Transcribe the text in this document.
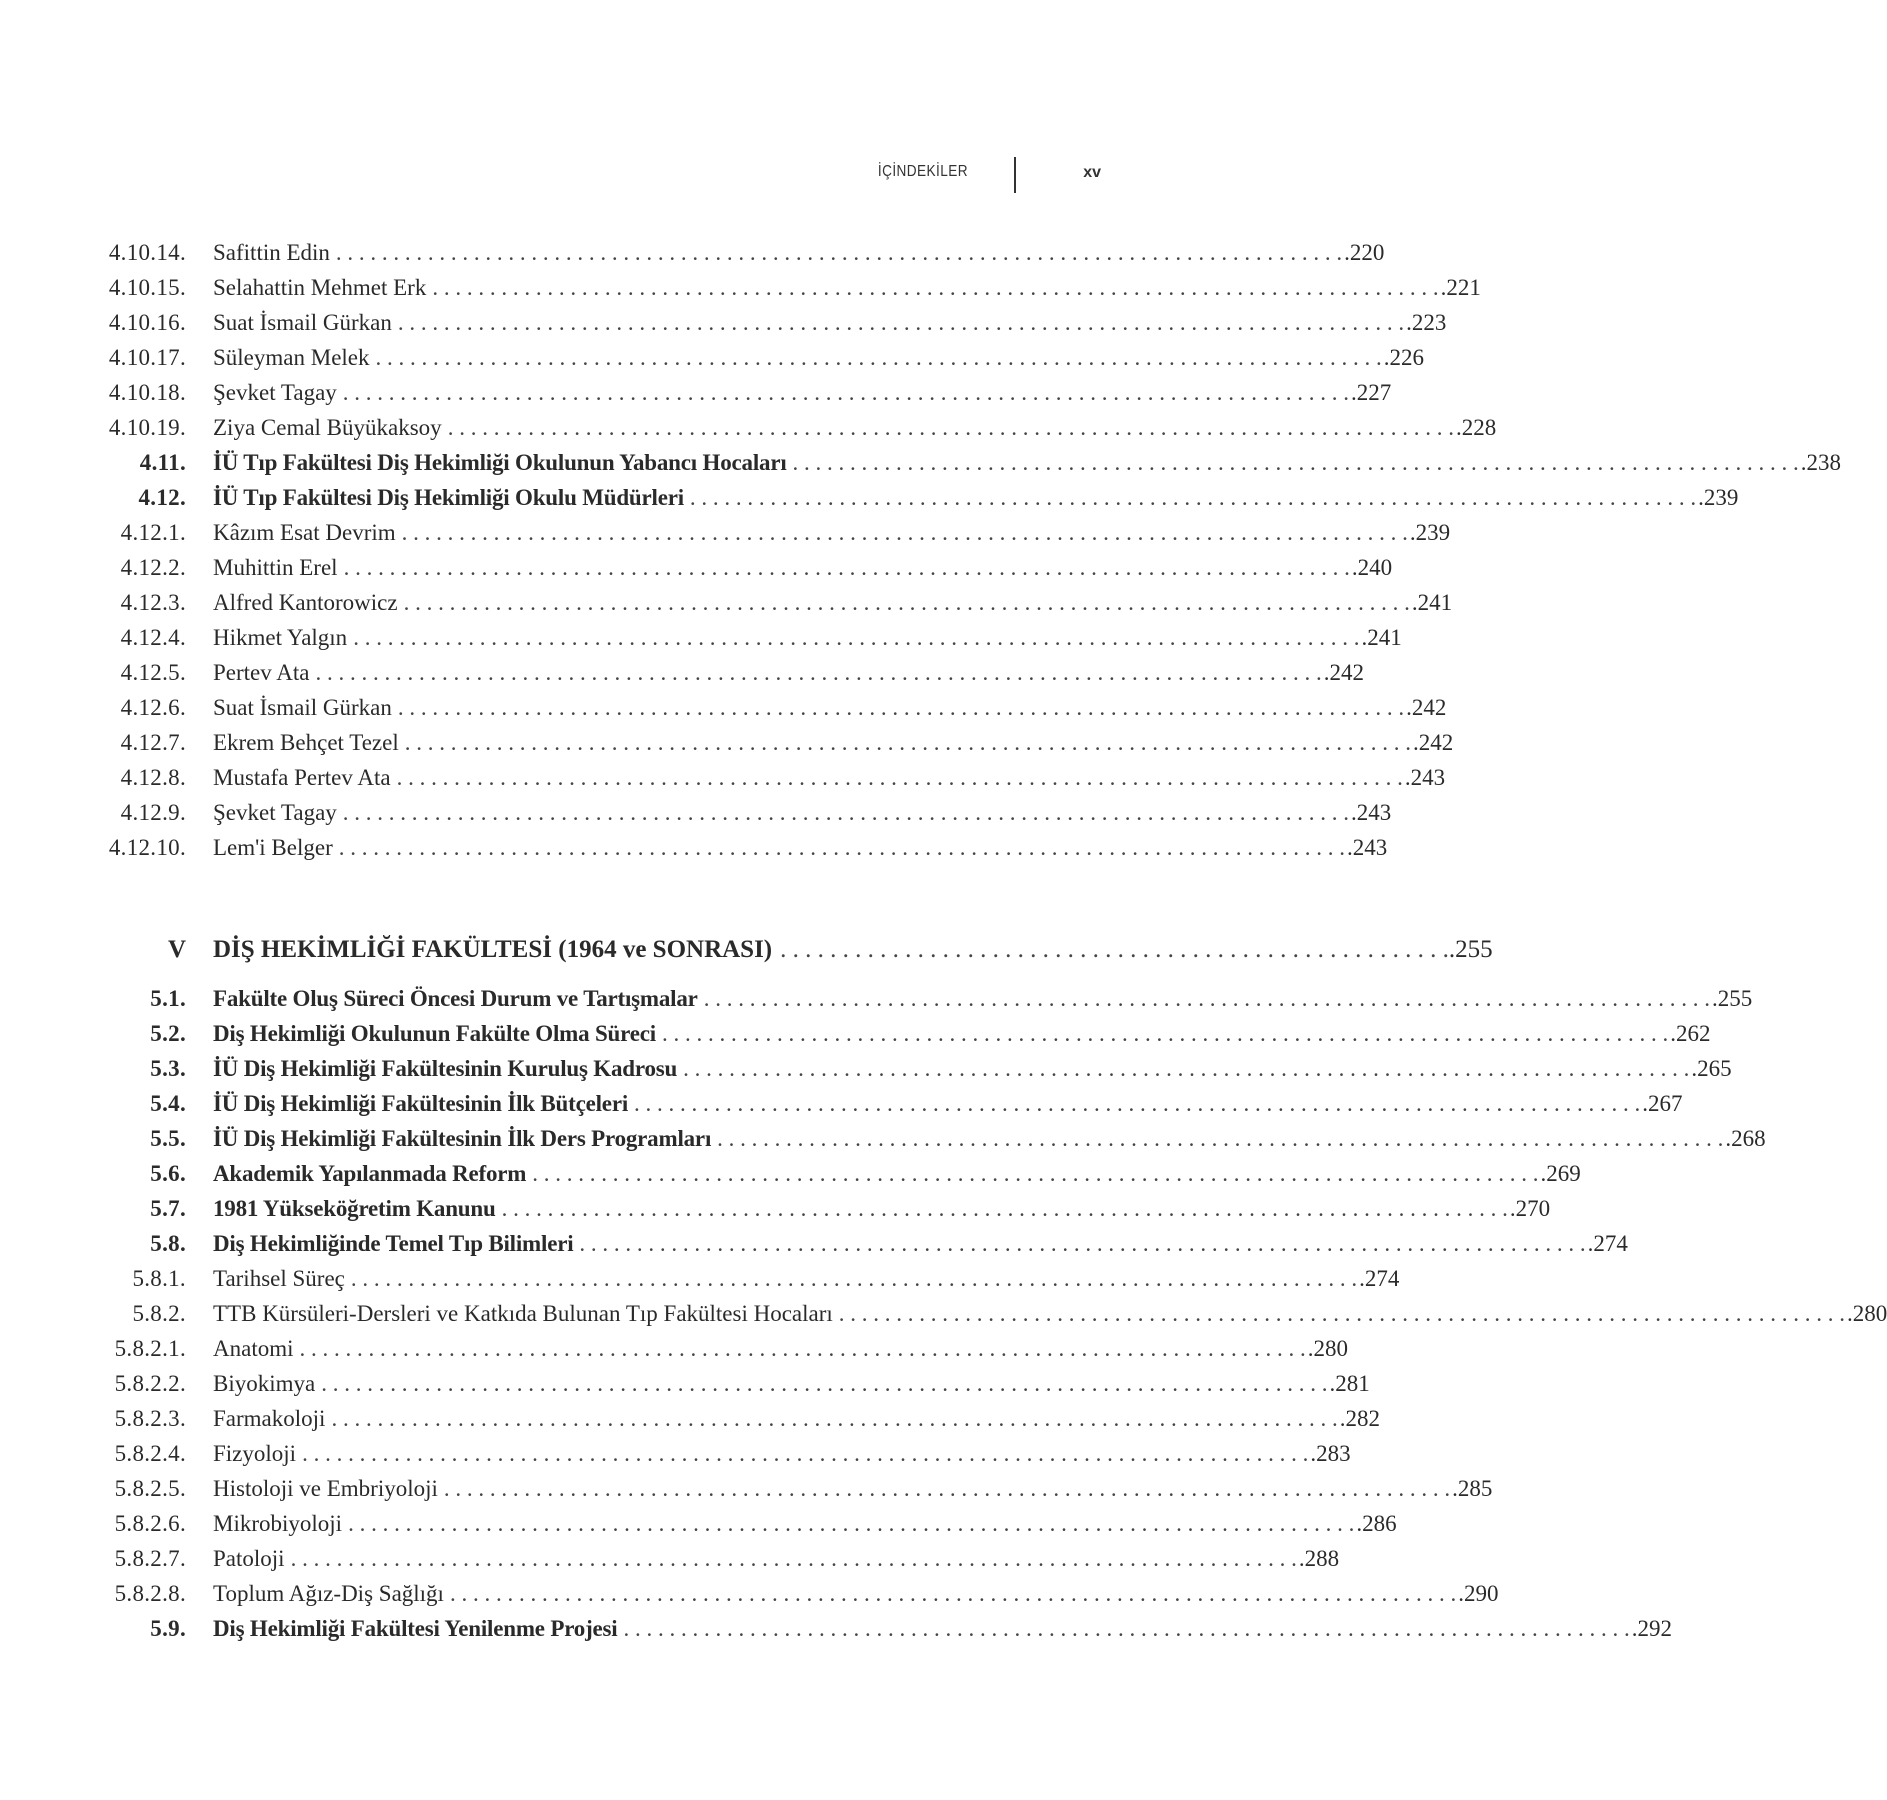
İÇİNDEKİLER	xv
4.10.14. Safittin Edin . . .	.220
4.10.15. Selahattin Mehmet Erk . . .	.221
4.10.16. Suat İsmail Gürkan . . .	.223
4.10.17. Süleyman Melek . . .	.226
4.10.18. Şevket Tagay . . .	.227
4.10.19. Ziya Cemal Büyükaksoy . . .	.228
4.11. İÜ Tıp Fakültesi Diş Hekimliği Okulunun Yabancı Hocaları . . .	.238
4.12. İÜ Tıp Fakültesi Diş Hekimliği Okulu Müdürleri . . .	.239
4.12.1. Kâzım Esat Devrim . . .	.239
4.12.2. Muhittin Erel . . .	.240
4.12.3. Alfred Kantorowicz . . .	.241
4.12.4. Hikmet Yalgın . . .	.241
4.12.5. Pertev Ata . . .	.242
4.12.6. Suat İsmail Gürkan . . .	.242
4.12.7. Ekrem Behçet Tezel . . .	.242
4.12.8. Mustafa Pertev Ata . . .	.243
4.12.9. Şevket Tagay . . .	.243
4.12.10. Lem'i Belger . . .	.243
V DİŞ HEKİMLİĞİ FAKÜLTESİ (1964 ve SONRASI) . . .	.255
5.1. Fakülte Oluş Süreci Öncesi Durum ve Tartışmalar . . .	.255
5.2. Diş Hekimliği Okulunun Fakülte Olma Süreci . . .	.262
5.3. İÜ Diş Hekimliği Fakültesinin Kuruluş Kadrosu . . .	.265
5.4. İÜ Diş Hekimliği Fakültesinin İlk Bütçeleri . . .	.267
5.5. İÜ Diş Hekimliği Fakültesinin İlk Ders Programları . . .	.268
5.6. Akademik Yapılanmada Reform . . .	.269
5.7. 1981 Yükseköğretim Kanunu . . .	.270
5.8. Diş Hekimliğinde Temel Tıp Bilimleri . . .	.274
5.8.1. Tarihsel Süreç . . .	.274
5.8.2. TTB Kürsüleri-Dersleri ve Katkıda Bulunan Tıp Fakültesi Hocaları . . .	.280
5.8.2.1. Anatomi . . .	.280
5.8.2.2. Biyokimya . . .	.281
5.8.2.3. Farmakoloji . . .	.282
5.8.2.4. Fizyoloji . . .	.283
5.8.2.5. Histoloji ve Embriyoloji . . .	.285
5.8.2.6. Mikrobiyoloji . . .	.286
5.8.2.7. Patoloji . . .	.288
5.8.2.8. Toplum Ağız-Diş Sağlığı . . .	.290
5.9. Diş Hekimliği Fakültesi Yenilenme Projesi . . .	.292
